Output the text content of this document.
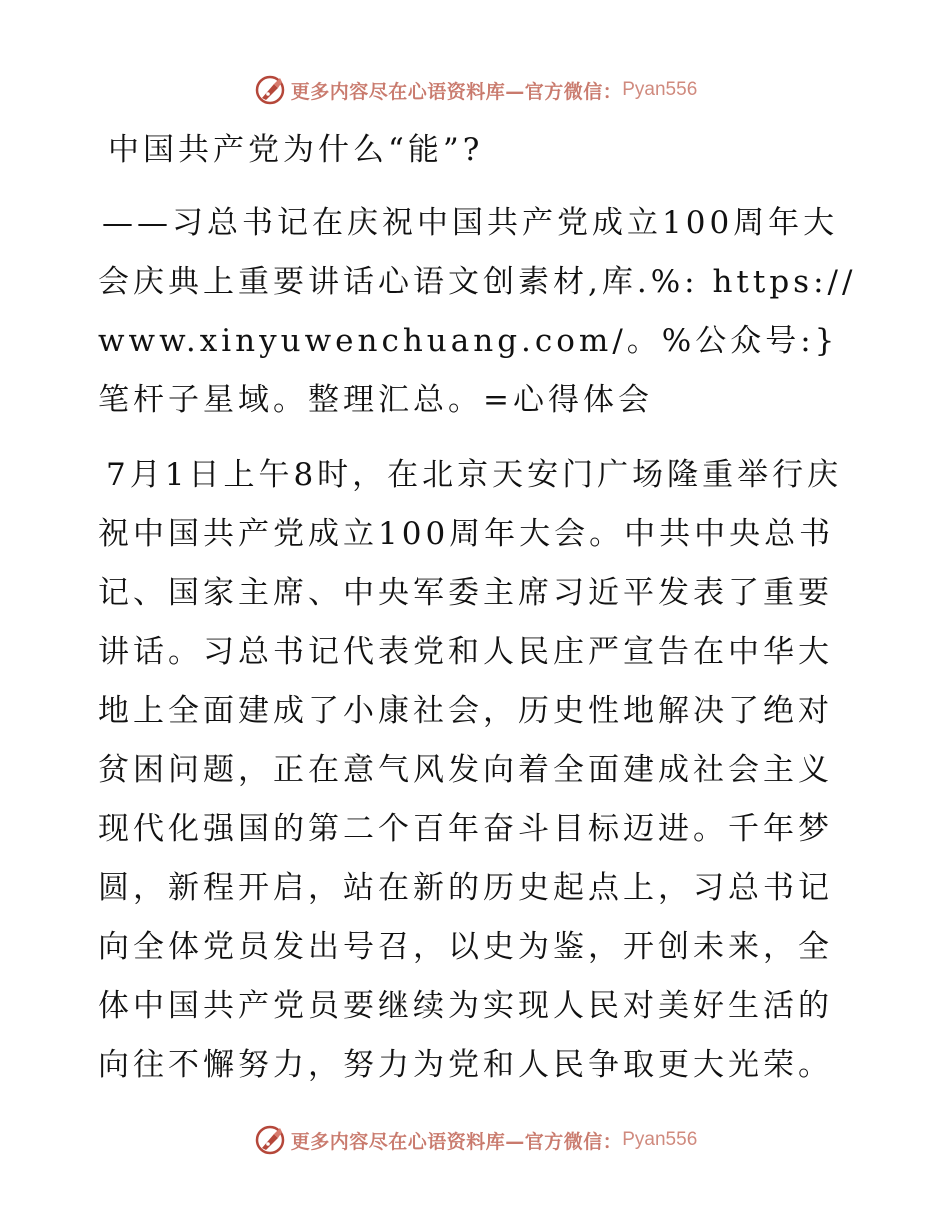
更多内容尽在心语资料库—官方微信： Pyan556
中国共产党为什么“能”?

——习总书记在庆祝中国共产党成立100周年大会庆典上重要讲话心语文创素材,库.%: https://www.xinyuwenchuang.com/。%公众号:}笔杆子星域。整理汇总。=心得体会

7月1日上午8时，在北京天安门广场隆重举行庆祝中国共产党成立100周年大会。中共中央总书记、国家主席、中央军委主席习近平发表了重要讲话。习总书记代表党和人民庄严宣告在中华大地上全面建成了小康社会，历史性地解决了绝对贫困问题，正在意气风发向着全面建成社会主义现代化强国的第二个百年奋斗目标迈进。千年梦圆，新程开启，站在新的历史起点上，习总书记向全体党员发出号召，以史为鉴，开创未来，全体中国共产党员要继续为实现人民对美好生活的向往不懈努力，努力为党和人民争取更大光荣。

更多内容尽在心语资料库—官方微信： Pyan556
